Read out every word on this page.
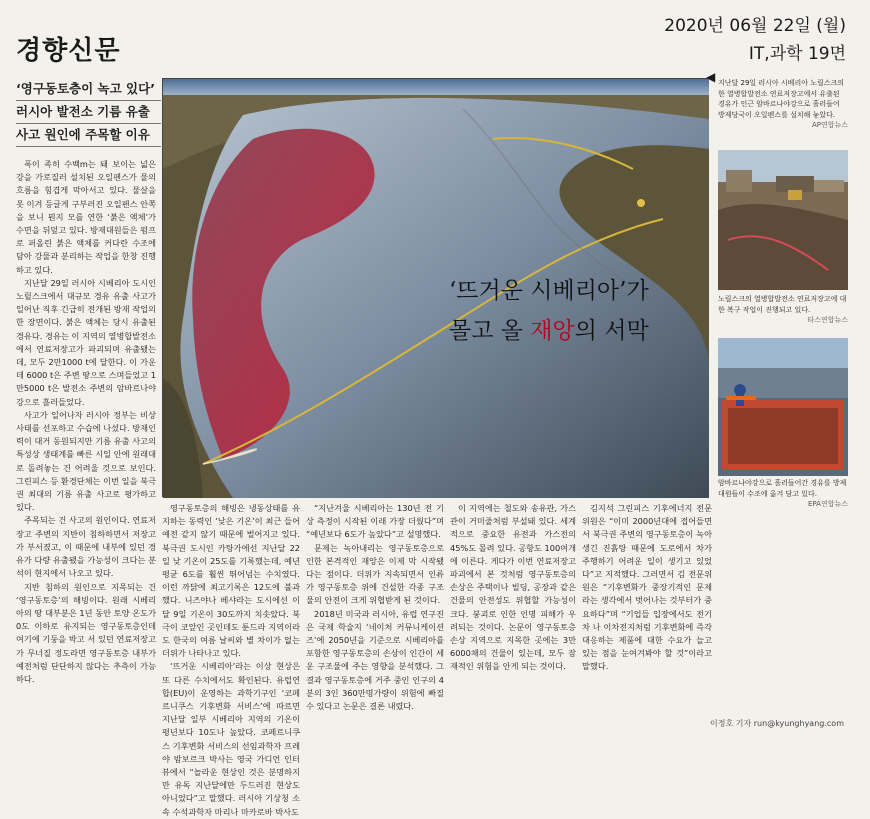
경향신문
2020년 06월 22일 (월)
IT,과학 19면
‘영구동토층이 녹고 있다’
러시아 발전소 기름 유출
사고 원인에 주목할 이유

폭이 족히 수백m는 돼 보이는 넓은 강을 가로질러 설치된 오일펜스가 물의 흐름을 힘겹게 막아서고 있다. 물살을 못 이겨 등글게 구부러진 오일펜스 안쪽을 보니 뭔지 모를 연한 ‘붉은 액체’가 수면을 뒤덮고 있다. 방재대원들은 펌프로 퍼올린 붉은 액체를 커다란 수조에 담아 강물과 분리하는 작업을 한창 진행하고 있다.

지난달 29일 러시아 시베리아 도시인 노릴스크에서 대규모 경유 유출 사고가 일어난 직후 긴급히 전개된 방재 작업의 한 장면이다. 붉은 액체는 당시 유출된 경유다. 경유는 이 지역의 열병합발전소에서 연료저장고가 파괴되며 유출됐는데, 모두 2만1000 t에 달한다. 이 가운데 6000 t은 주변 땅으로 스며들었고 1만5000 t은 발전소 주변의 암바르나야강으로 흘러들었다.

사고가 일어나자 러시아 정부는 비상사태를 선포하고 수습에 나섰다. 방재인력이 대거 동원되지만 기름 유출 사고의 특성상 생태계를 빠른 시일 안에 원래대로 돌려놓는 건 어려울 것으로 보인다. 그린피스 등 환경단체는 이번 일을 북극권 최대의 기름 유출 사고로 평가하고 있다.

주목되는 건 사고의 원인이다. 연료저장고 주변의 지반이 침하하면서 저장고가 부서졌고, 이 때문에 내부에 있던 경유가 다량 유출됐을 가능성이 크다는 분석이 현지에서 나오고 있다.

지반 침하의 원인으로 지목되는 건 ‘영구동토층’의 해빙이다. 원래 시베리아의 땅 대부분은 1년 동안 토양 온도가 0도 이하로 유지되는 영구동토층인데 여기에 기둥을 박고 서 있던 연료저장고가 무너질 정도라면 영구동토층 내부가 예전처럼 단단하지 않다는 추측이 가능하다.

‘뜨거운 시베리아’가
몰고 올 재앙의 서막
◀ 지난달 29일 러시아 시베리아 노릴스크의 한 열병합발전소 연료저장고에서 유출된 경유가 인근 암바르나야강으로 흘러들어 방제당국이 오일펜스를 설치해 놓았다.
AP연합뉴스
노릴스크의 열병합발전소 연료저장고에 대한 복구 작업이 진행되고 있다.
타스연합뉴스
암바르나야강으로 흘러들어간 경유를 방제대원들이 수조에 옮겨 담고 있다.
EPA연합뉴스

영구동토층의 해빙은 냉동상태를 유지하는 동력인 ‘낮은 기온’이 최근 들어 예전 같지 않기 때문에 벌어지고 있다. 북극권 도시인 카탕가에선 지난달 22일 낮 기온이 25도를 기록했는데, 예년 평균 6도를 훨씬 뛰어넘는 수치였다. 이런 까닭에 최고기록은 12도에 불과했다. 니즈야나 베샤라는 도시에선 이달 9일 기온이 30도까지 치솟았다. 북극이 코앞인 곳인데도 툰드라 지역이라도 한국의 여름 날씨와 별 차이가 없는 더위가 나타나고 있다.

‘뜨거운 시베리아’라는 이상 현상은 또 다른 수치에서도 확인된다. 유럽연합(EU)이 운영하는 과학기구인 ‘코페르니쿠스 기후변화 서비스’에 따르면 지난달 일부 시베리아 지역의 기온이 평년보다 10도나 높았다. 코페르니쿠스 기후변화 서비스의 선임과학자 프레야 밤보르크 박사는 영국 가디언 인터뷰에서 “놀라운 현상인 것은 분명하지만 유독 지난달에만 두드러진 현상도 아니었다”고 말했다. 러시아 기상청 소속 수석과학자 마리나 마카로바 박사도

“지난겨울 시베리아는 130년 전 기상 측정이 시작된 이래 가장 더웠다”며 “예년보다 6도가 높았다”고 설명했다.

문제는 녹아내리는 영구동토층으로 인한 본격적인 재앙은 이제 막 시작됐다는 점이다. 더위가 지속되면서 인류가 영구동토층 위에 건설한 각종 구조물의 안전이 크게 위협받게 된 것이다.

2018년 미국과 러시아, 유럽 연구진은 국제 학술지 ‘네이처 커뮤니케이션즈’에 2050년을 기준으로 시베리아를 포함한 영구동토층의 손상이 인간이 세운 구조물에 주는 영향을 분석했다. 그 결과 영구동토층에 거주 중인 인구의 4분의 3인 360만명가량이 위험에 빠질 수 있다고 논문은 결론 내렸다.

이 지역에는 철도와 송유관, 가스관이 거미줄처럼 부설돼 있다. 세계적으로 중요한 유전과 가스전의 45%도 몰려 있다. 공항도 100여개에 이른다. 게다가 이번 연료저장고 파괴에서 본 것처럼 영구동토층의 손상은 주택이나 빌딩, 공장과 같은 건물의 안전성도 위협할 가능성이 크다. 붕괴로 인한 인명 피해가 우려되는 것이다. 논문이 영구동토층 손상 지역으로 지목한 곳에는 3만6000채의 건물이 있는데, 모두 잠재적인 위험을 안게 되는 것이다.

김지석 그린피스 기후에너지 전문위원은 “이미 2000년대에 접어들면서 북극권 주변의 영구동토층이 녹아 생긴 진흙탕 때문에 도로에서 차가 주행하기 어려운 일이 생기고 있었다”고 지적했다. 그러면서 김 전문위원은 “기후변화가 중장기적인 문제라는 생각에서 벗어나는 것부터가 중요하다”며 “기업들 입장에서도 전기차 나 이차전지처럼 기후변화에 즉각 대응하는 제품에 대한 수요가 늘고 있는 점을 눈여겨봐야 할 것”이라고 말했다.

이정호 기자 run@kyunghyang.com
